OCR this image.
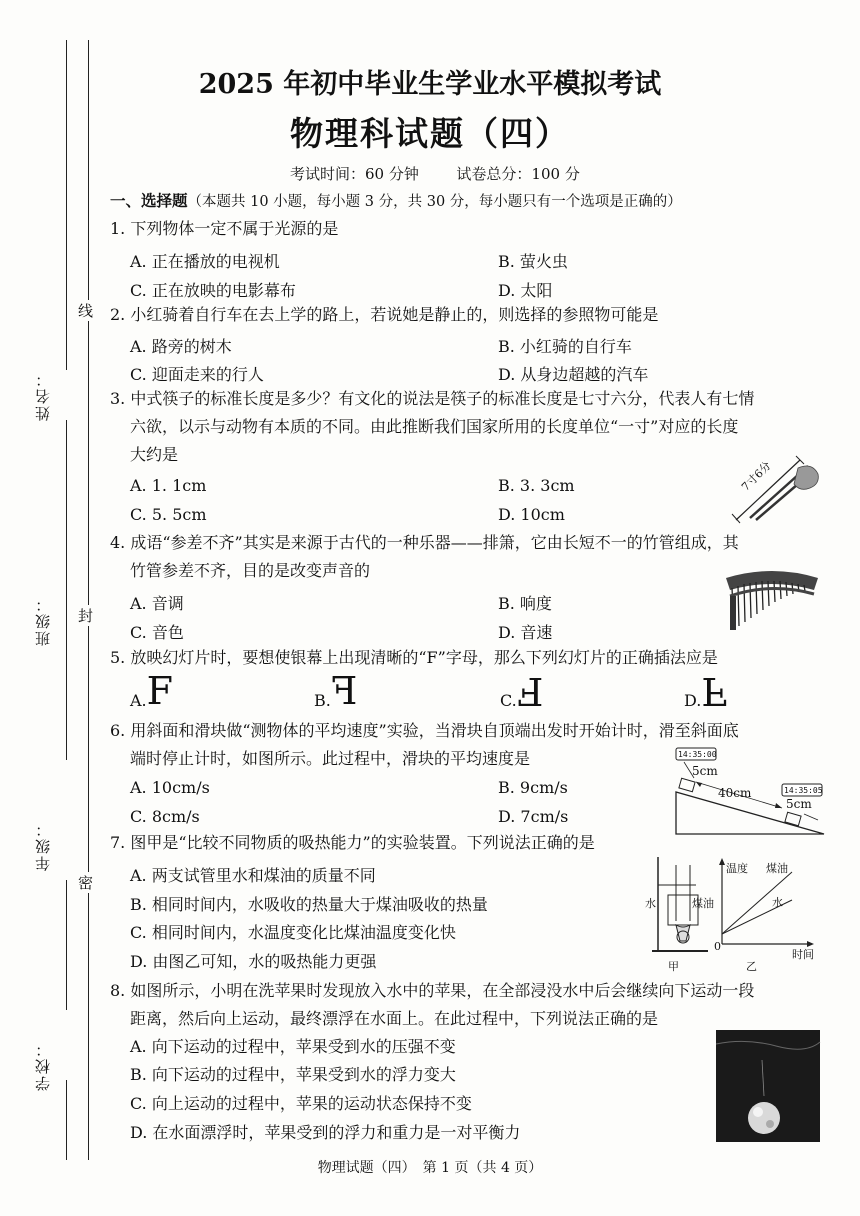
姓名：
班级：
年级：
学校：
线
封
密
2025 年初中毕业生学业水平模拟考试
物理科试题（四）
考试时间：60 分钟	试卷总分：100 分
一、选择题（本题共 10 小题，每小题 3 分，共 30 分，每小题只有一个选项是正确的）
1. 下列物体一定不属于光源的是
A. 正在播放的电视机	B. 萤火虫
C. 正在放映的电影幕布	D. 太阳
2. 小红骑着自行车在去上学的路上，若说她是静止的，则选择的参照物可能是
A. 路旁的树木	B. 小红骑的自行车
C. 迎面走来的行人	D. 从身边超越的汽车
3. 中式筷子的标准长度是多少？有文化的说法是筷子的标准长度是七寸六分，代表人有七情
六欲，以示与动物有本质的不同。由此推断我们国家所用的长度单位“一寸”对应的长度
大约是
A. 1. 1cm	B. 3. 3cm
C. 5. 5cm	D. 10cm
7寸6分
4. 成语“参差不齐”其实是来源于古代的一种乐器——排箫，它由长短不一的竹管组成，其
竹管参差不齐，目的是改变声音的
A. 音调	B. 响度
C. 音色	D. 音速
5. 放映幻灯片时，要想使银幕上出现清晰的“F”字母，那么下列幻灯片的正确插法应是
A.F	B.F	C.F	D.F
6. 用斜面和滑块做“测物体的平均速度”实验，当滑块自顶端出发时开始计时，滑至斜面底
端时停止计时，如图所示。此过程中，滑块的平均速度是
A. 10cm/s	B. 9cm/s
C. 8cm/s	D. 7cm/s
14:35:00
14:35:05
5cm
40cm
5cm
7. 图甲是“比较不同物质的吸热能力”的实验装置。下列说法正确的是
A. 两支试管里水和煤油的质量不同
B. 相同时间内，水吸收的热量大于煤油吸收的热量
C. 相同时间内，水温度变化比煤油温度变化快
D. 由图乙可知，水的吸热能力更强
水	煤油
甲
温度 煤油
水
0
时间
乙
8. 如图所示，小明在洗苹果时发现放入水中的苹果，在全部浸没水中后会继续向下运动一段
距离，然后向上运动，最终漂浮在水面上。在此过程中，下列说法正确的是
A. 向下运动的过程中，苹果受到水的压强不变
B. 向下运动的过程中，苹果受到水的浮力变大
C. 向上运动的过程中，苹果的运动状态保持不变
D. 在水面漂浮时，苹果受到的浮力和重力是一对平衡力
物理试题（四）　第 1 页（共 4 页）
